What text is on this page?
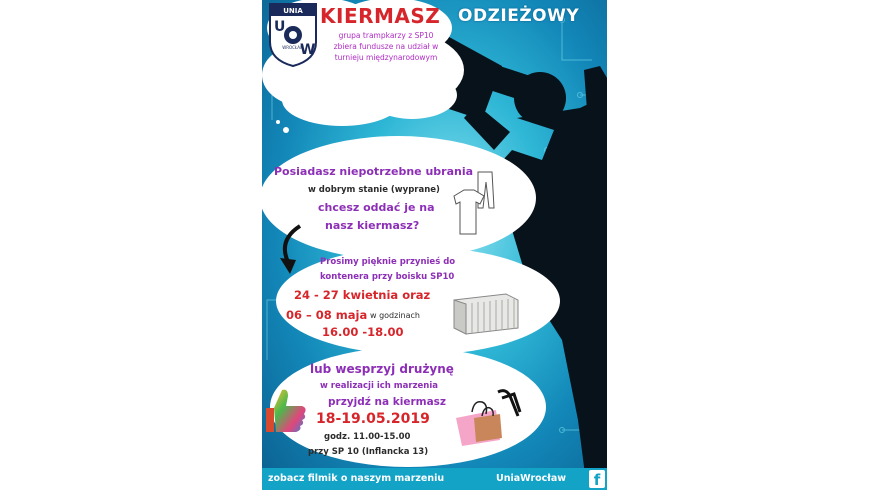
UNIA
U
W
WROCŁAW

KIERMASZ ODZIEŻOWY

grupa trampkarzy z SP10 zbiera fundusze na udział w turnieju międzynarodowym

Posiadasz niepotrzebne ubrania

w dobrym stanie (wyprane)

chcesz oddać je na

nasz kiermasz?

Prosimy pięknie przynieś do

kontenera przy boisku SP10

24 - 27 kwietnia oraz

06 – 08 maja w godzinach

16.00 -18.00

lub wesprzyj drużynę

w realizacji ich marzenia

przyjdź na kiermasz

18-19.05.2019

godz. 11.00-15.00

przy SP 10 (Inflancka 13)

zobacz filmik o naszym marzeniu	UniaWrocław	f
